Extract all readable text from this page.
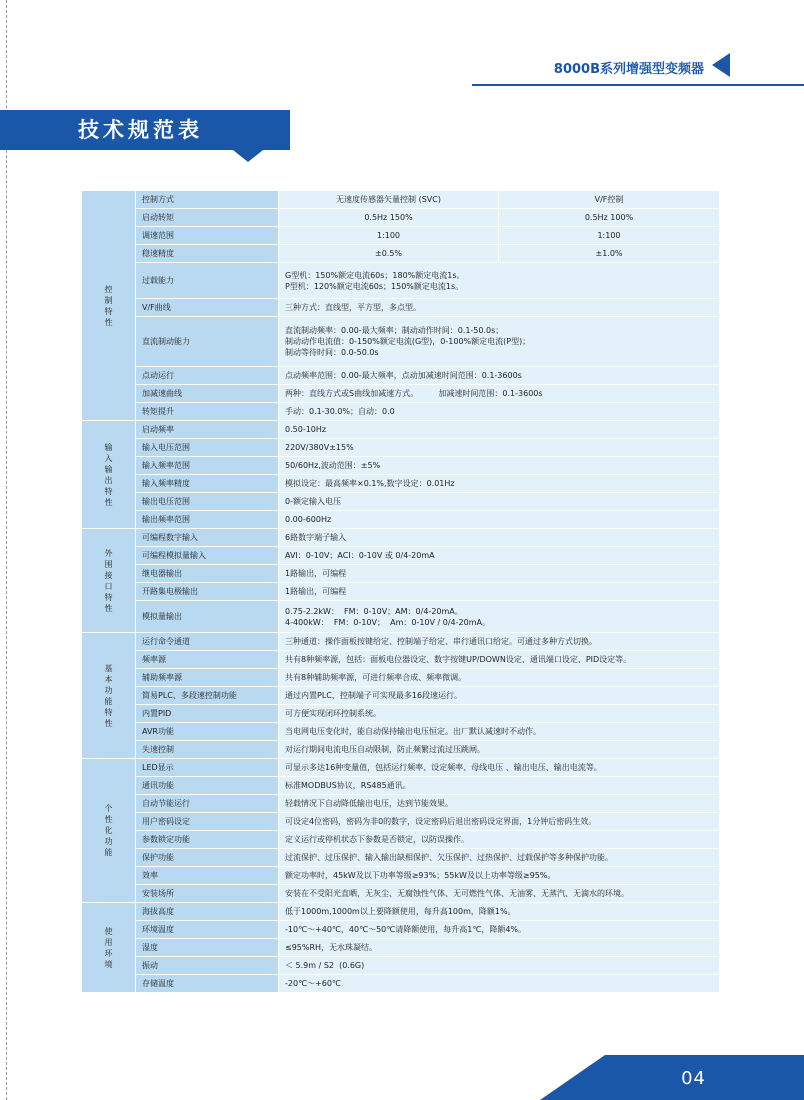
8000B系列增强型变频器
技术规范表
控制特性	控制方式	无速度传感器矢量控制 (SVC)	V/F控制
	启动转矩	0.5Hz 150%	0.5Hz 100%
	调速范围	1:100	1:100
	稳速精度	±0.5%	±1.0%
	过载能力	G型机：150%额定电流60s；180%额定电流1s。
P型机：120%额定电流60s；150%额定电流1s。	

	V/F曲线	三种方式：直线型，平方型，多点型。	

	直流制动能力	直流制动频率：0.00-最大频率；制动动作时间：0.1-50.0s；
制动动作电流值：0-150%额定电流(G型)，0-100%额定电流(P型)；
制动等待时间：0.0-50.0s	

	点动运行	点动频率范围：0.00-最大频率，点动加减速时间范围：0.1-3600s	

	加减速曲线	两种：直线方式或S曲线加减速方式。        加减速时间范围：0.1-3600s	

	转矩提升	手动：0.1-30.0%；自动：0.0	

输入输出特性	启动频率	0.50-10Hz	

	输入电压范围	220V/380V±15%	

	输入频率范围	50/60Hz,波动范围：±5%	

	输入频率精度	模拟设定：最高频率×0.1%,数字设定：0.01Hz	

	输出电压范围	0-额定输入电压	

	输出频率范围	0.00-600Hz	

外围接口特性	可编程数字输入	6路数字端子输入	

	可编程模拟量输入	AVI：0-10V；ACI：0-10V 或 0/4-20mA	

	继电器输出	1路输出，可编程	

	开路集电极输出	1路输出，可编程	

	模拟量输出	0.75-2.2kW：  FM：0-10V；AM：0/4-20mA。
4-400kW：  FM：0-10V；  Am：0-10V / 0/4-20mA。	

基本功能特性	运行命令通道	三种通道：操作面板按键给定、控制端子给定、串行通讯口给定。可通过多种方式切换。	

	频率源	共有8种频率源，包括：面板电位器设定、数字按键UP/DOWN设定、通讯端口设定、PID设定等。	

	辅助频率源	共有8种辅助频率源，可进行频率合成、频率微调。	

	简易PLC、多段速控制功能	通过内置PLC、控制端子可实现最多16段速运行。	

	内置PID	可方便实现闭环控制系统。	

	AVR功能	当电网电压变化时，能自动保持输出电压恒定。出厂默认减速时不动作。	

	失速控制	对运行期间电流电压自动限制，防止频繁过流过压跳闸。	

个性化功能	LED显示	可显示多达16种变量值，包括运行频率、设定频率、母线电压 、输出电压、输出电流等。	

	通讯功能	标准MODBUS协议，RS485通讯。	

	自动节能运行	轻载情况下自动降低输出电压，达到节能效果。	

	用户密码设定	可设定4位密码，密码为非0的数字，设定密码后退出密码设定界面，1分钟后密码生效。	

	参数锁定功能	定义运行或停机状态下参数是否锁定，以防误操作。	

	保护功能	过流保护、过压保护、输入输出缺相保护、欠压保护、过热保护、过载保护等多种保护功能。	

	效率	额定功率时，45kW及以下功率等级≥93%；55kW及以上功率等级≥95%。	

	安装场所	安装在不受阳光直晒，无灰尘、无腐蚀性气体、无可燃性气体、无油雾、无蒸汽、无滴水的环境。	

使用环境	海拔高度	低于1000m,1000m以上要降额使用，每升高100m，降额1%。	

	环境温度	-10℃～+40℃，40℃～50℃请降额使用，每升高1℃，降额4%。	

	湿度	≤95%RH，无水珠凝结。	

	振动	＜ 5.9m / S2  (0.6G)	

	存储温度	-20℃～+60℃	
04
